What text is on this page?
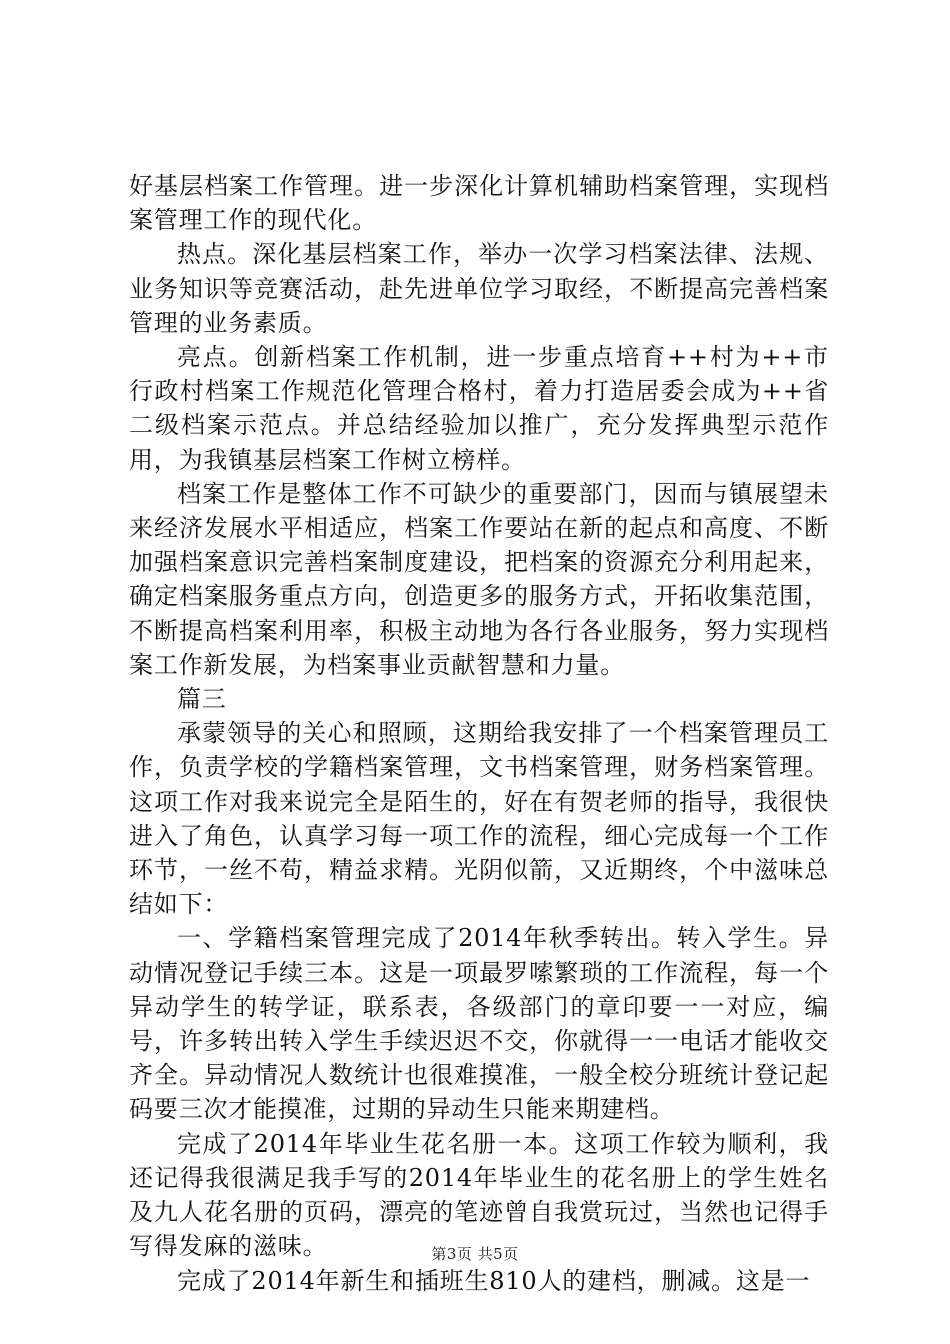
好基层档案工作管理。进一步深化计算机辅助档案管理，实现档案管理工作的现代化。

热点。深化基层档案工作，举办一次学习档案法律、法规、业务知识等竞赛活动，赴先进单位学习取经，不断提高完善档案管理的业务素质。

亮点。创新档案工作机制，进一步重点培育++村为++市行政村档案工作规范化管理合格村，着力打造居委会成为++省二级档案示范点。并总结经验加以推广，充分发挥典型示范作用，为我镇基层档案工作树立榜样。

档案工作是整体工作不可缺少的重要部门，因而与镇展望未来经济发展水平相适应，档案工作要站在新的起点和高度、不断加强档案意识完善档案制度建设，把档案的资源充分利用起来，确定档案服务重点方向，创造更多的服务方式，开拓收集范围，不断提高档案利用率，积极主动地为各行各业服务，努力实现档案工作新发展，为档案事业贡献智慧和力量。

篇三

承蒙领导的关心和照顾，这期给我安排了一个档案管理员工作，负责学校的学籍档案管理，文书档案管理，财务档案管理。这项工作对我来说完全是陌生的，好在有贺老师的指导，我很快进入了角色，认真学习每一项工作的流程，细心完成每一个工作环节，一丝不苟，精益求精。光阴似箭，又近期终，个中滋味总结如下：

一、学籍档案管理完成了2014年秋季转出。转入学生。异动情况登记手续三本。这是一项最罗嗦繁琐的工作流程，每一个异动学生的转学证，联系表，各级部门的章印要一一对应，编号，许多转出转入学生手续迟迟不交，你就得一一电话才能收交齐全。异动情况人数统计也很难摸准，一般全校分班统计登记起码要三次才能摸准，过期的异动生只能来期建档。

完成了2014年毕业生花名册一本。这项工作较为顺利，我还记得我很满足我手写的2014年毕业生的花名册上的学生姓名及九人花名册的页码，漂亮的笔迹曾自我赏玩过，当然也记得手写得发麻的滋味。

完成了2014年新生和插班生810人的建档，删减。这是一

第3页 共5页
